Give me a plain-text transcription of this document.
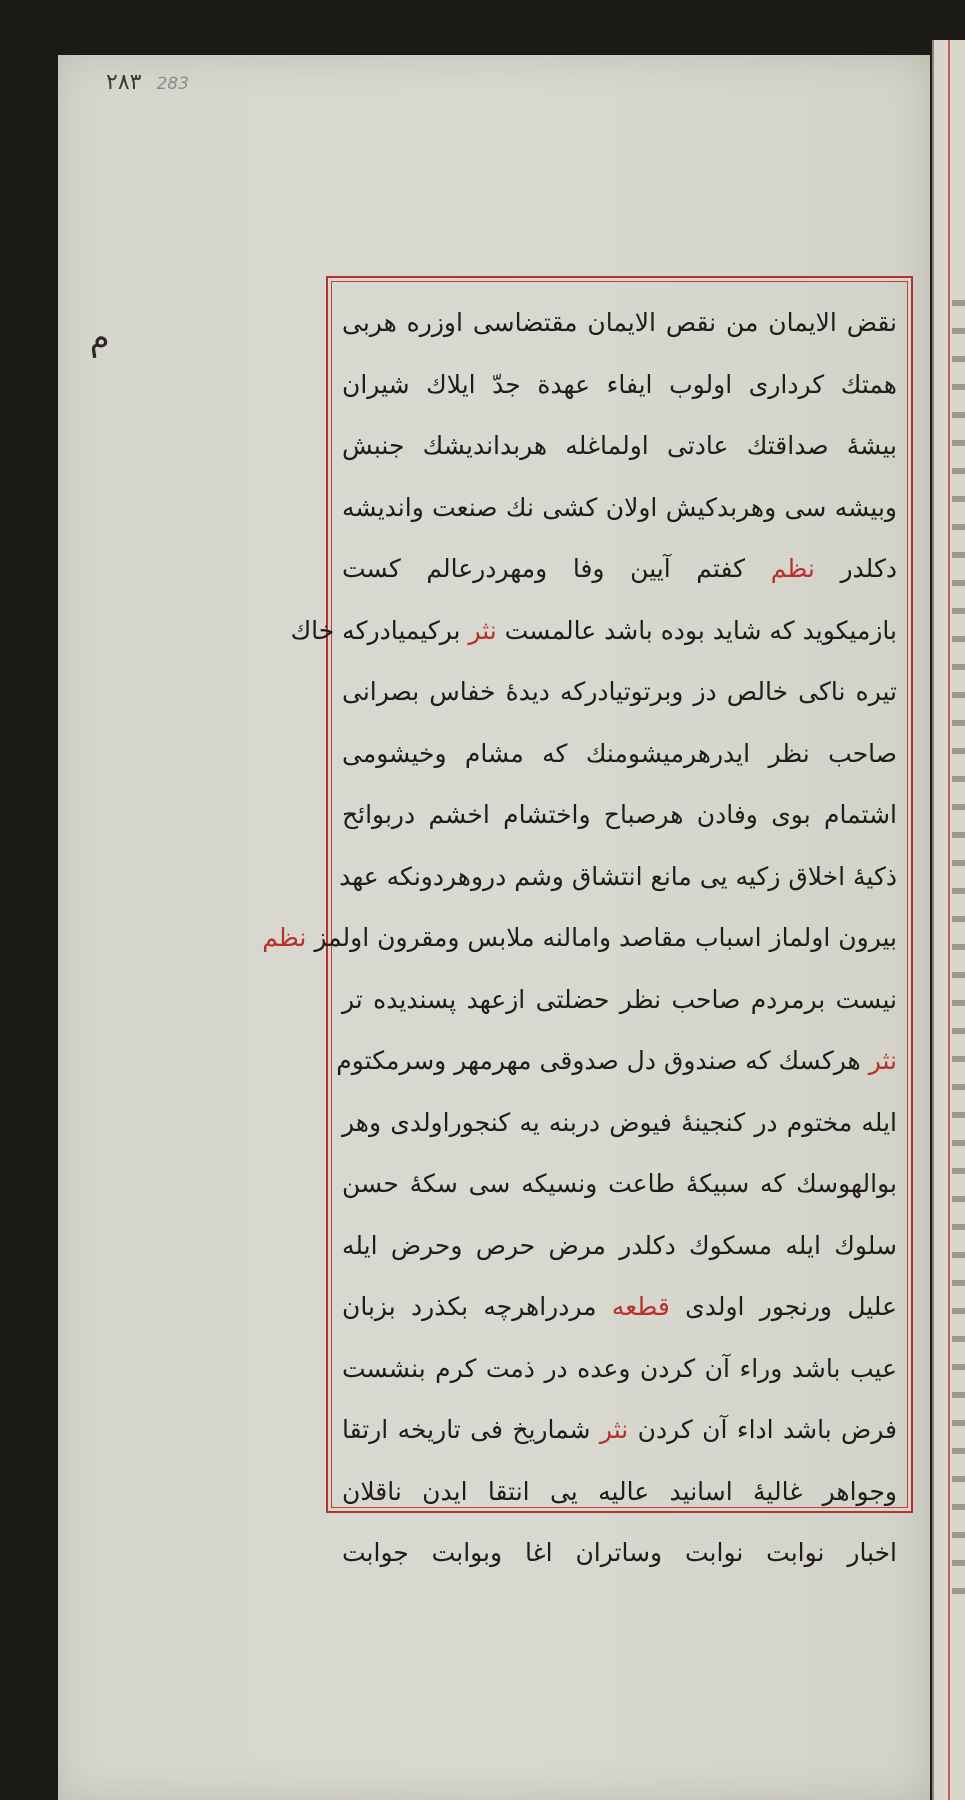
۲۸۳ 283
م	نقض الایمان من نقص الایمان مقتضاسی اوزره هربی
همتك کرداری اولوب ایفاء عهدة جدّ ایلاك شیران
بیشهٔ صداقتك عادتی اولماغله هربداندیشك جنبش
وبیشه سی وهربدکیش اولان کشی نك صنعت واندیشه
دکلدر نظم کفتم آیین وفا ومهردرعالم کست
بازمیکوید که شاید بوده باشد عالمست نثر برکیمیادرکه خاك
تیره ناکی خالص دز وبرتوتیادرکه دیدهٔ خفاس بصرانی
صاحب نظر ایدرهرمیشومنك که مشام وخیشومی
اشتمام بوی وفادن هرصباح واختشام اخشم دربوائح
ذکیهٔ اخلاق زکیه یی مانع انتشاق وشم دروهردونکه عهد
بیرون اولماز اسباب مقاصد وامالنه ملابس ومقرون اولمز نظم
نیست برمردم صاحب نظر حضلتی ازعهد پسندیده تر
نثر هرکسك که صندوق دل صدوقی مهرمهر وسرمکتوم
ایله مختوم در کنجینهٔ فیوض دربنه یه کنجوراولدی وهر
بوالهوسك که سبیکهٔ طاعت ونسیکه سی سکهٔ حسن
سلوك ایله مسکوك دکلدر مرض حرص وحرض ایله
علیل ورنجور اولدی قطعه مردراهرچه بکذرد بزبان
عیب باشد وراء آن کردن وعده در ذمت کرم بنشست
فرض باشد اداء آن کردن نثر شماریخ فی تاریخه ارتقا
وجواهر غالیهٔ اسانید عالیه یی انتقا ایدن ناقلان
اخبار نوابت نوابت وساتران اغا وبوابت جوابت
